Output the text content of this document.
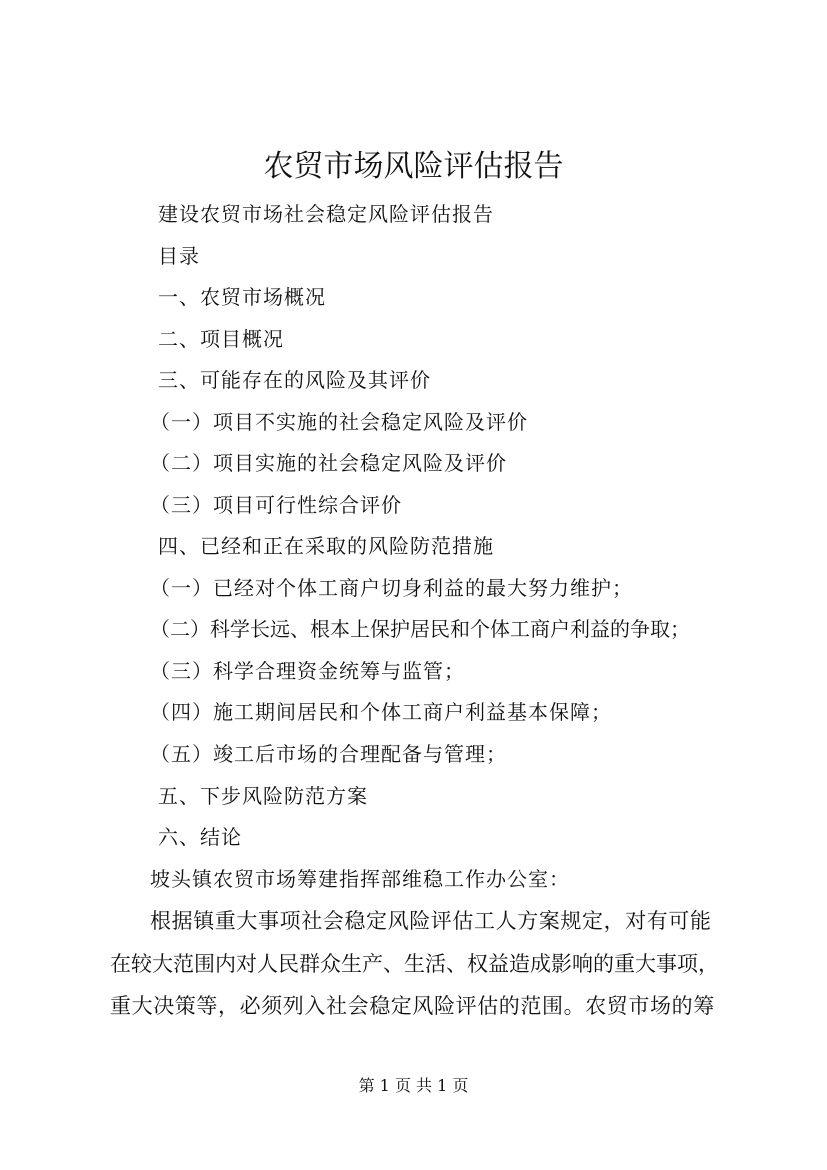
农贸市场风险评估报告
建设农贸市场社会稳定风险评估报告
目录
一、农贸市场概况
二、项目概况
三、可能存在的风险及其评价
（一）项目不实施的社会稳定风险及评价
（二）项目实施的社会稳定风险及评价
（三）项目可行性综合评价
四、已经和正在采取的风险防范措施
（一）已经对个体工商户切身利益的最大努力维护；
（二）科学长远、根本上保护居民和个体工商户利益的争取；
（三）科学合理资金统筹与监管；
（四）施工期间居民和个体工商户利益基本保障；
（五）竣工后市场的合理配备与管理；
五、下步风险防范方案
六、结论
坡头镇农贸市场筹建指挥部维稳工作办公室：
根据镇重大事项社会稳定风险评估工人方案规定，对有可能
在较大范围内对人民群众生产、生活、权益造成影响的重大事项，
重大决策等，必须列入社会稳定风险评估的范围。农贸市场的筹
第 1 页 共 1 页
